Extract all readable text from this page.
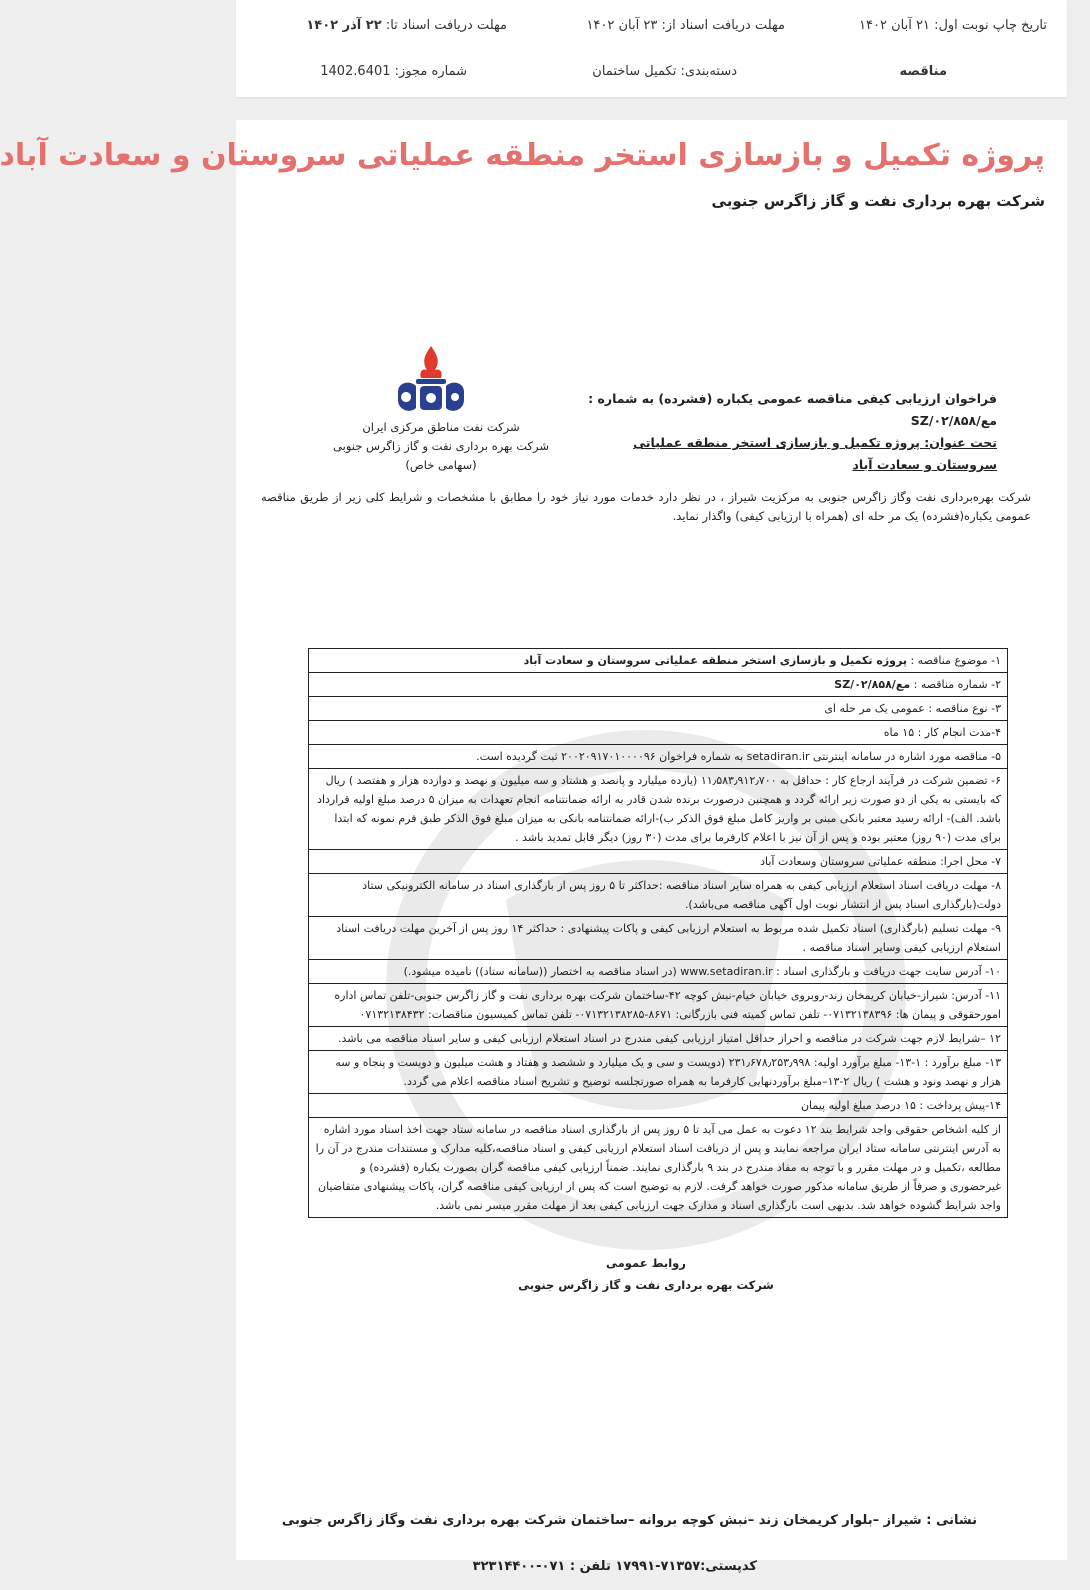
تاریخ چاپ نوبت اول: ۲۱ آبان ۱۴۰۲
مهلت دریافت اسناد از: ۲۳ آبان ۱۴۰۲
مهلت دریافت اسناد تا: ۲۲ آذر ۱۴۰۲
مناقصه
دسته‌بندی: تکمیل ساختمان
شماره مجوز: 1402.6401
پروژه تکمیل و بازسازی استخر منطقه عملیاتی سروستان و سعادت آباد
شرکت بهره برداری نفت و گاز زاگرس جنوبی
شرکت نفت مناطق مرکزی ایران
شرکت بهره برداری نفت و گاز زاگرس جنوبی
(سهامی خاص)
فراخوان ارزیابی کیفی مناقصه عمومی یکباره (فشرده) به شماره : مع/۰۲/۸۵۸/SZ
تحت عنوان: پروژه تکمیل و بازسازی استخر منطقه عملیاتی سروستان و سعادت آباد
شرکت بهره‌برداری نفت وگاز زاگرس جنوبی به مرکزیت شیراز ، در نظر دارد خدمات مورد نیاز خود را مطابق با مشخصات و شرایط کلی زیر از طریق مناقصه عمومی یکباره(فشرده) یک مر حله ای (همراه با ارزیابی کیفی) واگذار نماید.
۱- موضوع مناقصه : پروژه تکمیل و بازسازی استخر منطقه عملیاتی سروستان و سعادت آباد
۲- شماره مناقصه : مع/۰۲/۸۵۸/SZ
۳- نوع مناقصه : عمومی یک مر حله ای
۴-مدت انجام کار : ۱۵ ماه
۵- مناقصه مورد اشاره در سامانه اینترنتی setadiran.ir به شماره فراخوان ۲۰۰۲۰۹۱۷۰۱۰۰۰۰۹۶ ثبت گردیده است.
۶- تضمین شرکت در فرآیند ارجاع کار : حداقل به ۱۱٫۵۸۳٫۹۱۲٫۷۰۰ (یازده میلیارد و پانصد و هشتاد و سه میلیون و نهصد و دوازده هزار و هفتصد ) ریال که بایستی به یکی از دو صورت زیر ارائه گردد و همچنین درصورت برنده شدن قادر به ارائه ضمانتنامه انجام تعهدات به میزان ۵ درصد مبلغ اولیه قرارداد باشد. الف)- ارائه رسید معتبر بانکی مبنی بر واریز کامل مبلغ فوق الذکر ب)-ارائه ضمانتنامه بانکی به میزان مبلغ فوق الذکر طبق فرم نمونه که ابتدا برای مدت (۹۰ روز) معتبر بوده و پس از آن نیز با اعلام کارفرما برای مدت (۳۰ روز) دیگر قابل تمدید باشد .
۷- محل اجرا: منطقه عملیاتی سروستان وسعادت آباد
۸- مهلت دریافت اسناد استعلام ارزیابی کیفی به همراه سایر اسناد مناقصه :حداکثر تا ۵ روز پس از بارگذاری اسناد در سامانه الکترونیکی ستاد دولت(بارگذاری اسناد پس از انتشار نوبت اول آگهی مناقصه می‌باشد).
۹- مهلت تسلیم (بارگذاری) اسناد تکمیل شده مربوط به استعلام ارزیابی کیفی و پاکات پیشنهادی : حداکثر ۱۴ روز پس از آخرین مهلت دریافت اسناد استعلام ارزیابی کیفی وسایر اسناد مناقصه .
۱۰- آدرس سایت جهت دریافت و بارگذاری اسناد : www.setadiran.ir (در اسناد مناقصه به اختصار ((سامانه ستاد)) نامیده میشود.)
۱۱- آدرس: شیراز-خیابان کریمخان زند-روبروی خیابان خیام-نبش کوچه ۴۲-ساختمان شرکت بهره برداری نفت و گاز زاگرس جنوبی-تلفن تماس اداره امورحقوقی و پیمان ها: ۰۷۱۳۲۱۳۸۳۹۶- تلفن تماس کمیته فنی بازرگانی: ۸۶۷۱-۰۷۱۳۲۱۳۸۲۸۵- تلفن تماس کمیسیون مناقصات: ۰۷۱۳۲۱۳۸۴۳۲
۱۲ –شرایط لازم جهت شرکت در مناقصه و احراز حداقل امتیاز ارزیابی کیفی مندرج در اسناد استعلام ارزیابی کیفی و سایر اسناد مناقصه می باشد.
۱۳- مبلغ برآورد : ۱-۱۳- مبلغ برآورد اولیه: ۲۳۱٫۶۷۸٫۲۵۳٫۹۹۸ (دویست و سی و یک میلیارد و ششصد و هفتاد و هشت میلیون و دویست و پنجاه و سه هزار و نهصد ونود و هشت ) ریال ۲-۱۳–مبلغ برآوردنهایی کارفرما به همراه صورتجلسه توضیح و تشریح اسناد مناقصه اعلام می گردد.
۱۴-پیش پرداخت : ۱۵ درصد مبلغ اولیه پیمان
از کلیه اشخاص حقوقی واجد شرایط بند ۱۲ دعوت به عمل می آید تا ۵ روز پس از بارگذاری اسناد مناقصه در سامانه ستاد جهت اخذ اسناد مورد اشاره به آدرس اینترنتی سامانه ستاد ایران مراجعه نمایند و پس از دریافت اسناد استعلام ارزیابی کیفی و اسناد مناقصه،کلیه مدارک و مستندات مندرج در آن را مطالعه ،تکمیل و در مهلت مقرر و با توجه به مفاد مندرج در بند ۹ بارگذاری نمایند. ضمناً ارزیابی کیفی مناقصه گران بصورت یکباره (فشرده) و غیرحضوری و صرفاً از طریق سامانه مذکور صورت خواهد گرفت. لازم به توضیح است که پس از ارزیابی کیفی مناقصه گران، پاکات پیشنهادی متقاضیان واجد شرایط گشوده خواهد شد. بدیهی است بارگذاری اسناد و مدارک جهت ارزیابی کیفی بعد از مهلت مقرر میسر نمی باشد.
روابط عمومی
شرکت بهره برداری نفت و گاز زاگرس جنوبی
نشانی : شیراز –بلوار کریمخان زند –نبش کوچه بروانه –ساختمان شرکت بهره برداری نفت وگاز زاگرس جنوبی
کدپستی:۷۱۳۵۷-۱۷۹۹۱ تلفن : ۰۷۱-۳۲۳۱۴۴۰۰
